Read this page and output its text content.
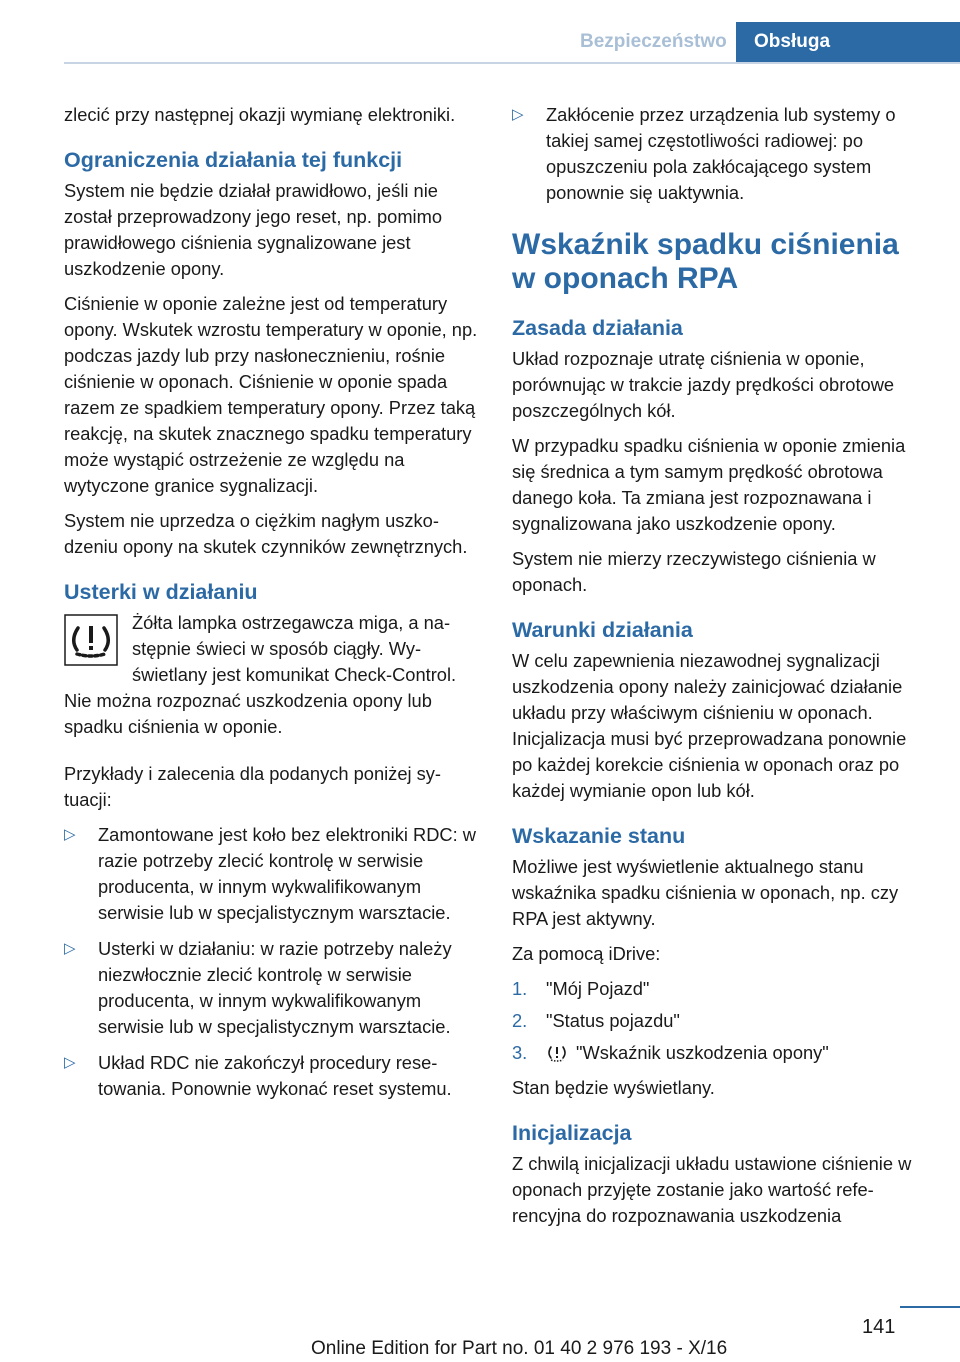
Bezpieczeństwo	Obsługa

zlecić przy następnej okazji wymianę elektroniki.

Ograniczenia działania tej funkcji

System nie będzie działał prawidłowo, jeśli nie został przeprowadzony jego reset, np. pomimo prawidłowego ciśnienia sygnalizowane jest uszkodzenie opony.

Ciśnienie w oponie zależne jest od temperatury opony. Wskutek wzrostu temperatury w oponie, np. podczas jazdy lub przy nasłonecznieniu, rośnie ciśnienie w oponach. Ciśnienie w oponie spada razem ze spadkiem temperatury opony. Przez taką reakcję, na skutek znacznego spadku temperatury może wystąpić ostrzeżenie ze względu na wytyczone granice sygnalizacji.

System nie uprzedza o ciężkim nagłym uszkodzeniu opony na skutek czynników zewnętrznych.

Usterki w działaniu

Żółta lampka ostrzegawcza miga, a następnie świeci w sposób ciągły. Wyświetlany jest komunikat Check-Control. Nie można rozpoznać uszkodzenia opony lub spadku ciśnienia w oponie.

Przykłady i zalecenia dla podanych poniżej sytuacji:

▷ Zamontowane jest koło bez elektroniki RDC: w razie potrzeby zlecić kontrolę w serwisie producenta, w innym wykwalifikowanym serwisie lub w specjalistycznym warsztacie.
▷ Usterki w działaniu: w razie potrzeby należy niezwłocznie zlecić kontrolę w serwisie producenta, w innym wykwalifikowanym serwisie lub w specjalistycznym warsztacie.
▷ Układ RDC nie zakończył procedury resetowania. Ponownie wykonać reset systemu.
▷ Zakłócenie przez urządzenia lub systemy o takiej samej częstotliwości radiowej: po opuszczeniu pola zakłócającego system ponownie się uaktywnia.
Wskaźnik spadku ciśnienia w oponach RPA
Zasada działania

Układ rozpoznaje utratę ciśnienia w oponie, porównując w trakcie jazdy prędkości obrotowe poszczególnych kół.

W przypadku spadku ciśnienia w oponie zmienia się średnica a tym samym prędkość obrotowa danego koła. Ta zmiana jest rozpoznawana i sygnalizowana jako uszkodzenie opony.

System nie mierzy rzeczywistego ciśnienia w oponach.

Warunki działania

W celu zapewnienia niezawodnej sygnalizacji uszkodzenia opony należy zainicjować działanie układu przy właściwym ciśnieniu w oponach. Inicjalizacja musi być przeprowadzana ponownie po każdej korekcie ciśnienia w oponach oraz po każdej wymianie opon lub kół.

Wskazanie stanu

Możliwe jest wyświetlenie aktualnego stanu wskaźnika spadku ciśnienia w oponach, np. czy RPA jest aktywny.

Za pomocą iDrive:

1. "Mój Pojazd"
2. "Status pojazdu"
3.	"Wskaźnik uszkodzenia opony"

Stan będzie wyświetlany.

Inicjalizacja

Z chwilą inicjalizacji układu ustawione ciśnienie w oponach przyjęte zostanie jako wartość referencyjna do rozpoznawania uszkodzenia

141
Online Edition for Part no. 01 40 2 976 193 - X/16
